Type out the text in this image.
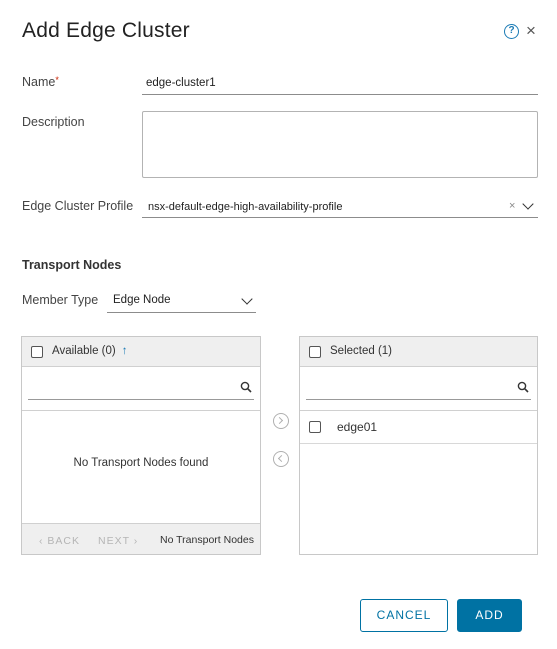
Add Edge Cluster	? ×
Name*	edge-cluster1
Description
Edge Cluster Profile nsx-default-edge-high-availability-profile	×
Transport Nodes
Member Type Edge Node
Available (0) ↑
No Transport Nodes found
‹ BACK NEXT › No Transport Nodes
Selected (1)
edge01
CANCEL	ADD
